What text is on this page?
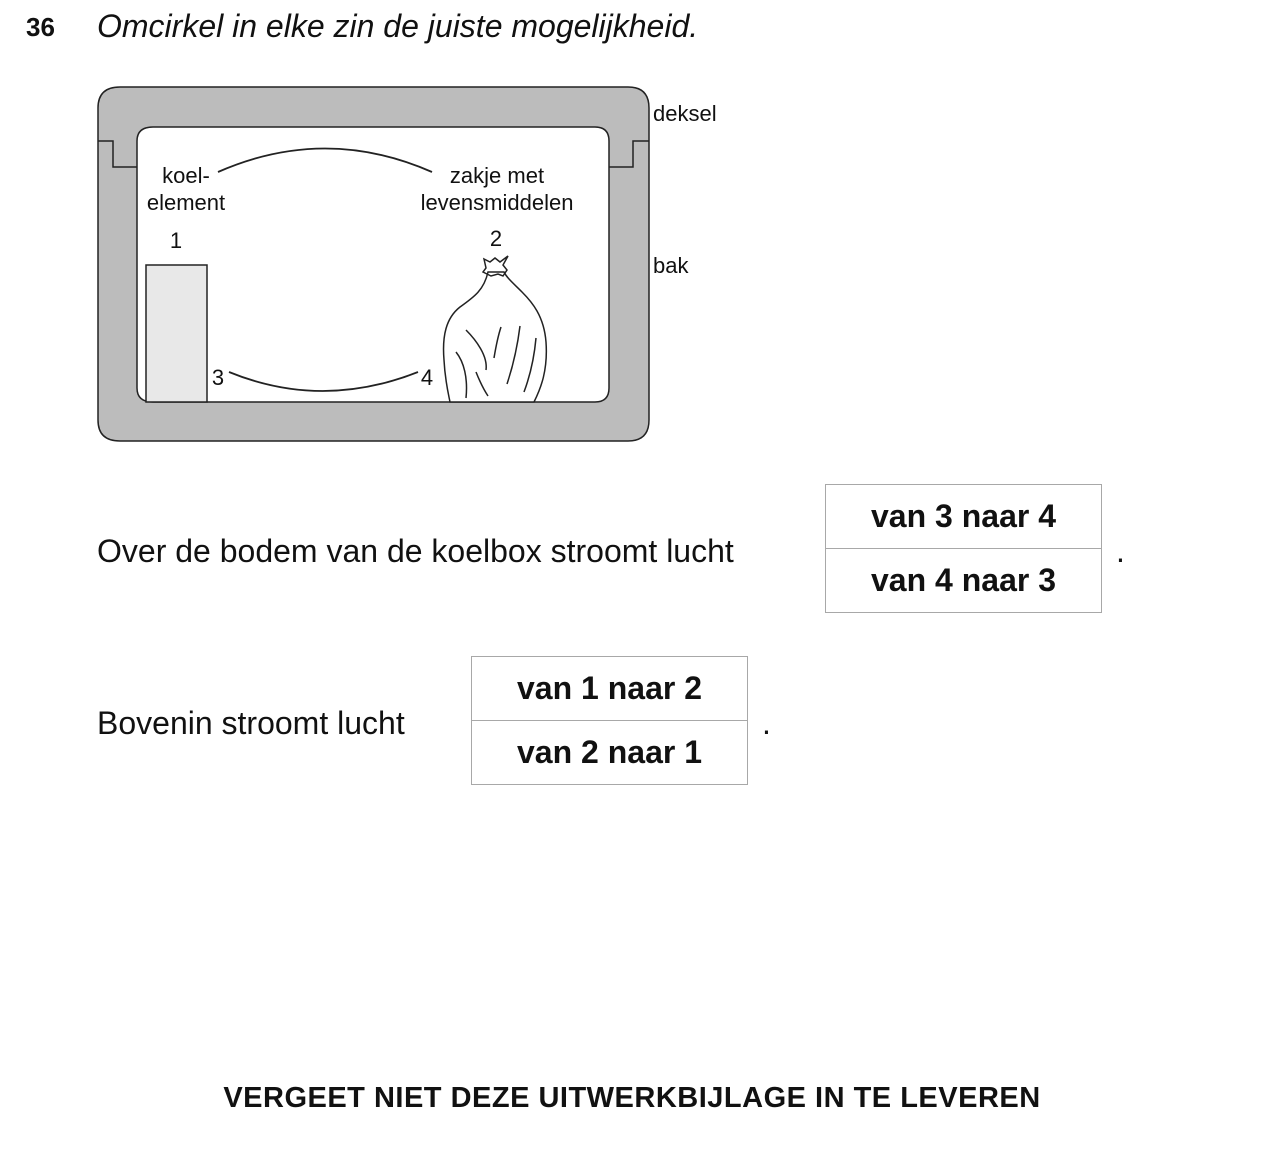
36 Omcirkel in elke zin de juiste mogelijkheid.
deksel
bak
koel-
element
zakje met
levensmiddelen
1	2
3	4
Over de bodem van de koelbox stroomt lucht
van 3 naar 4
van 4 naar 3
.
Bovenin stroomt lucht
van 1 naar 2
van 2 naar 1
.
VERGEET NIET DEZE UITWERKBIJLAGE IN TE LEVEREN
